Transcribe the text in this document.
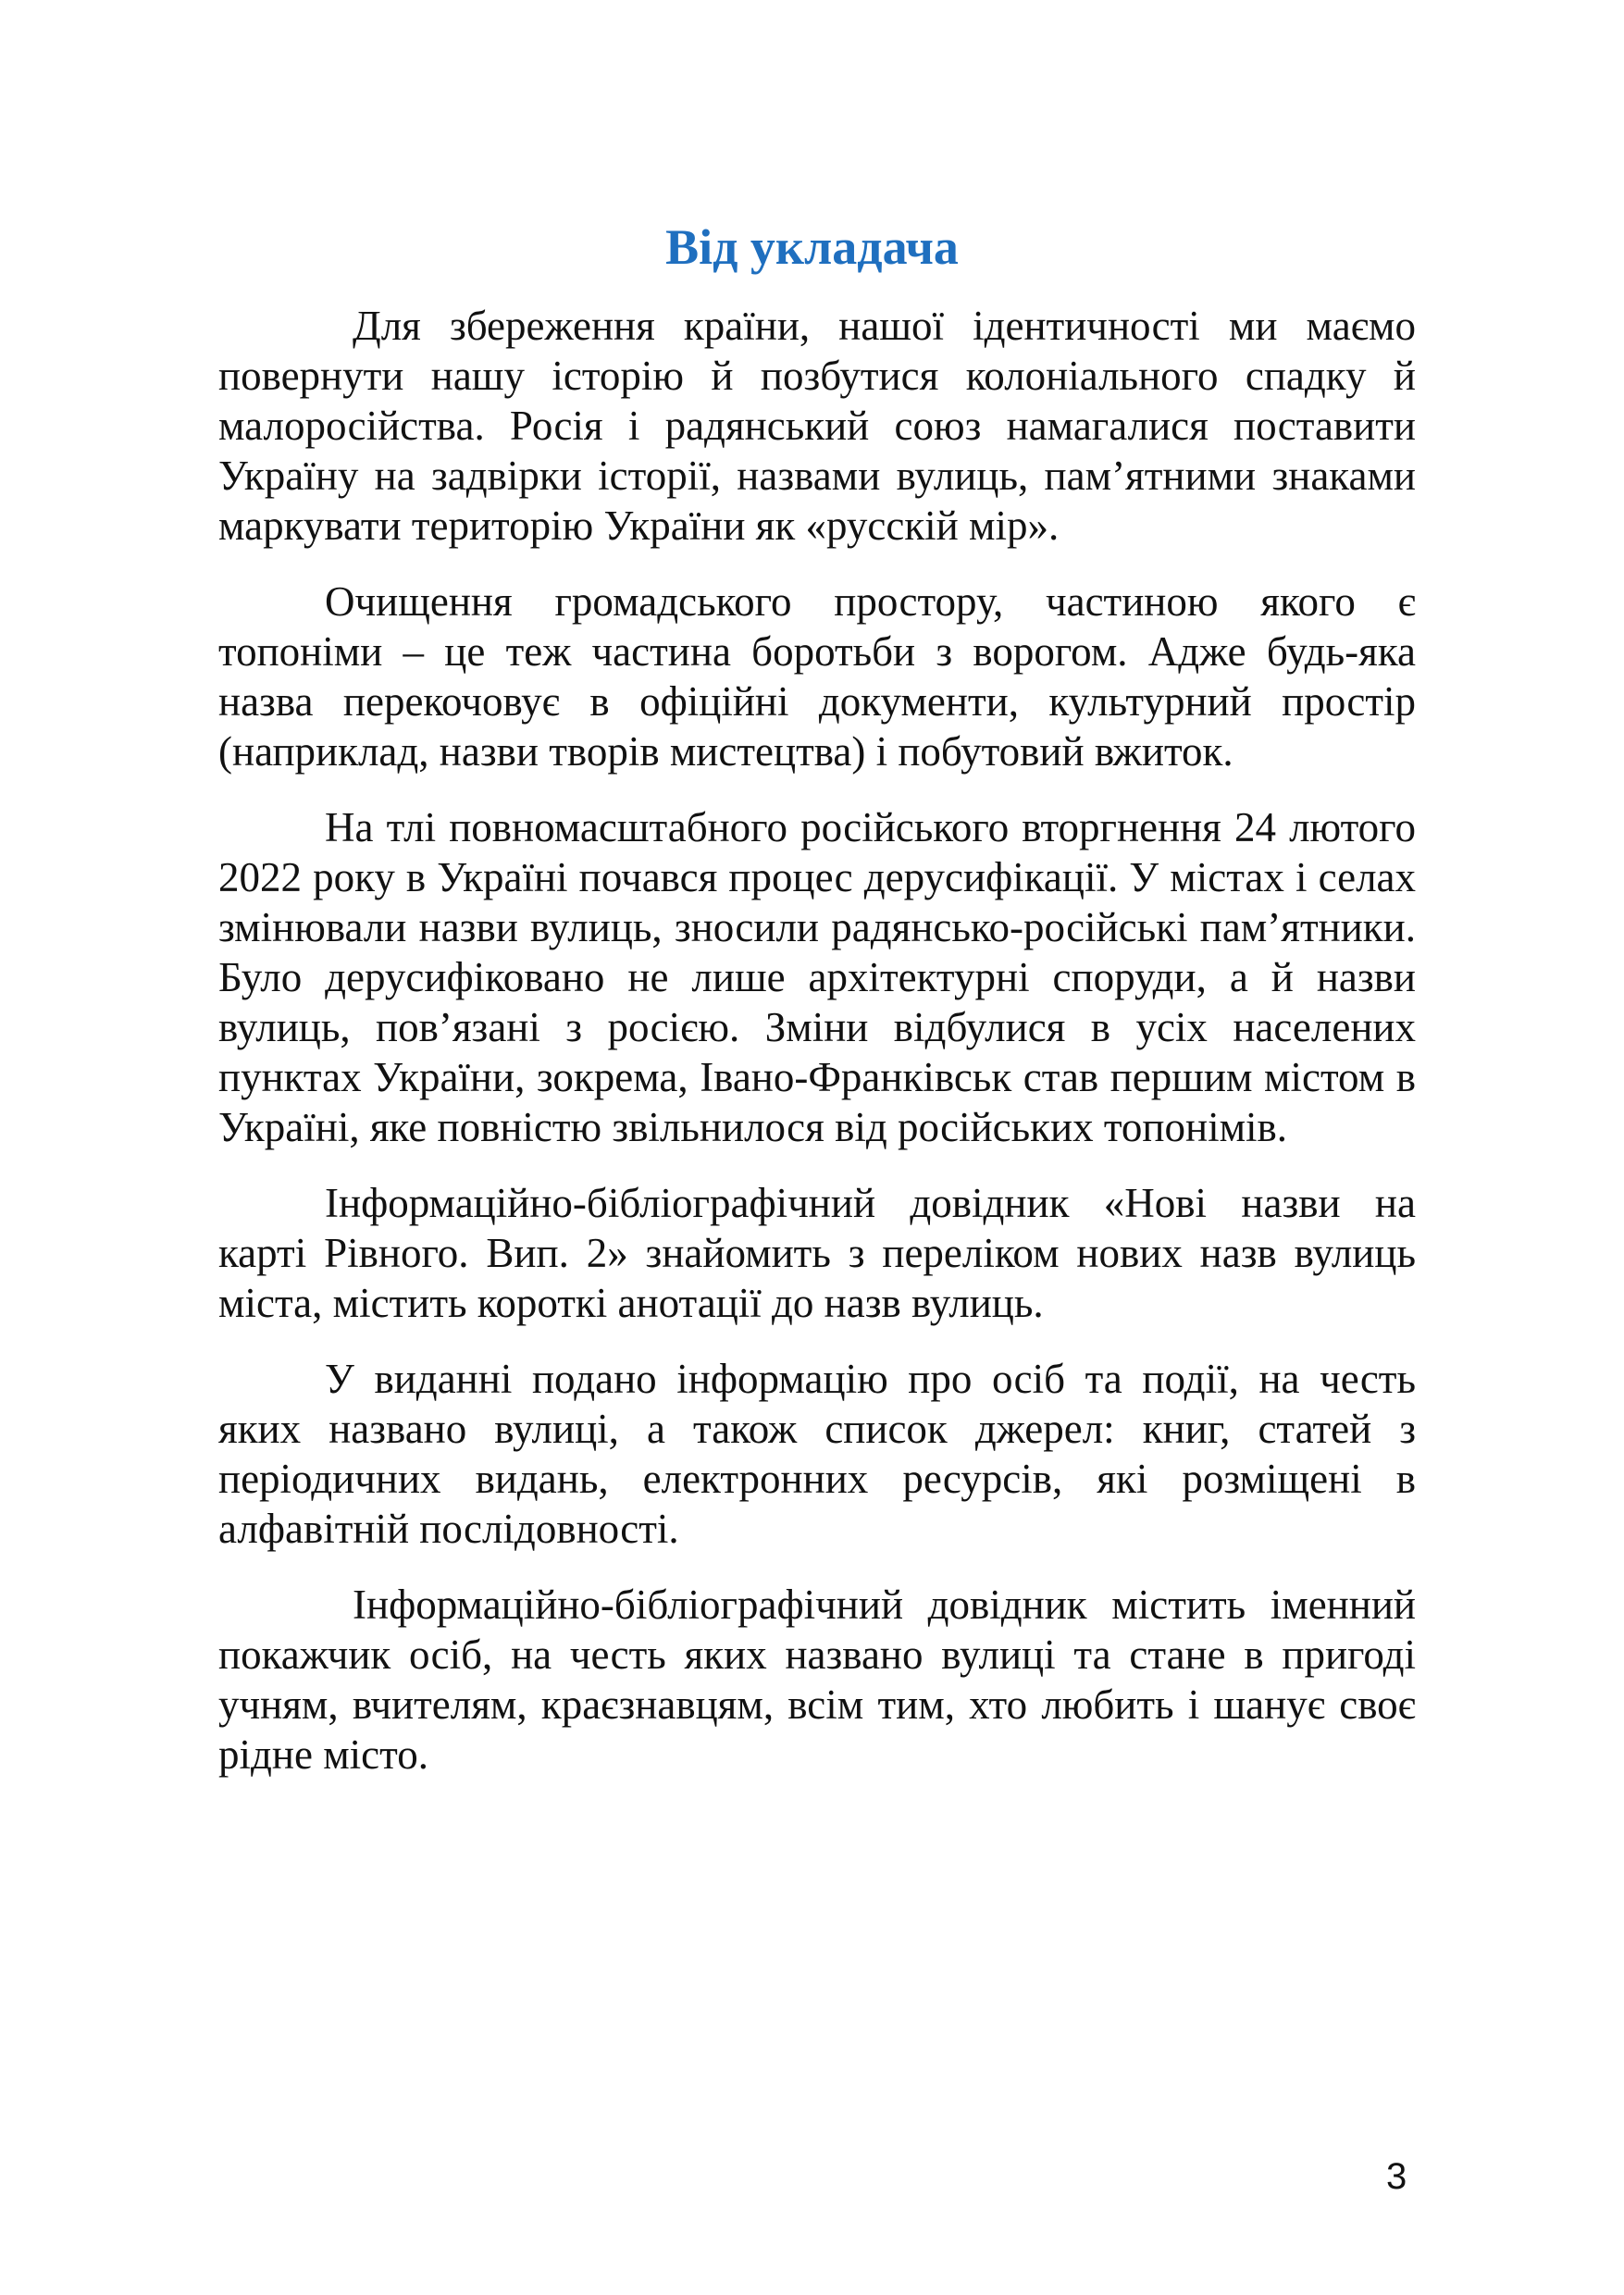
Від укладача

Для збереження країни, нашої ідентичності ми маємо повернути нашу історію й позбутися колоніального спадку й малоросійства. Росія і радянський союз намагалися поставити Україну на задвірки історії, назвами вулиць, пам’ятними знаками маркувати територію України як «русскій мір».

Очищення громадського простору, частиною якого є топоніми – це теж частина боротьби з ворогом. Адже будь-яка назва перекочовує в офіційні документи, культурний простір (наприклад, назви творів мистецтва) і побутовий вжиток.

На тлі повномасштабного російського вторгнення 24 лютого 2022 року в Україні почався процес дерусифікації. У містах і селах змінювали назви вулиць, зносили радянсько-російські пам’ятники. Було дерусифіковано не лише архітектурні споруди, а й назви вулиць, пов’язані з росією. Зміни відбулися в усіх населених пунктах України, зокрема, Івано-Франківськ став першим містом в Україні, яке повністю звільнилося від російських топонімів.

Інформаційно-бібліографічний довідник «Нові назви на карті Рівного. Вип. 2» знайомить з переліком нових назв вулиць міста, містить короткі анотації до назв вулиць.

У виданні подано інформацію про осіб та події, на честь яких названо вулиці, а також список джерел: книг, статей з періодичних видань, електронних ресурсів, які розміщені в алфавітній послідовності.

Інформаційно-бібліографічний довідник містить іменний покажчик осіб, на честь яких названо вулиці та стане в пригоді учням, вчителям, краєзнавцям, всім тим, хто любить і шанує своє рідне місто.

3
